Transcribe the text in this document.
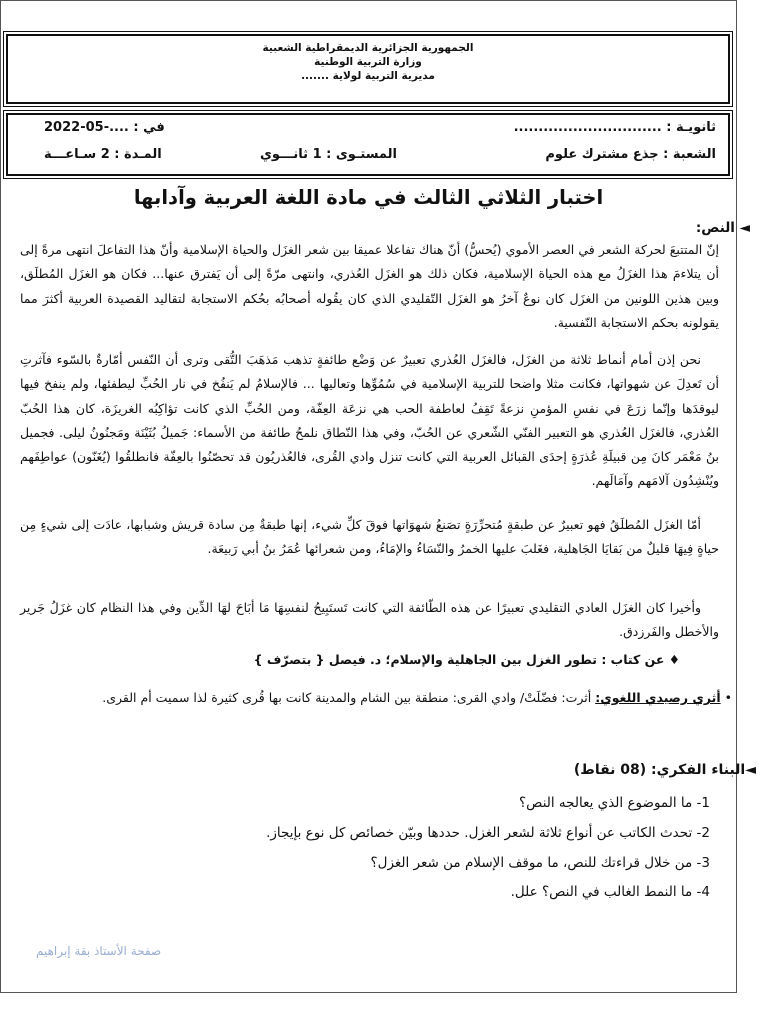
الجمهورية الجزائرية الديمقراطية الشعبية
وزارة التربية الوطنية
مديرية التربية لولاية .......
ثانويـة : ..............................
في : ....-05-2022
الشعبة : جذع مشترك علوم
المستـوى : 1 ثانـــوي
المـدة : 2 سـاعـــة
اختبار الثلاثي الثالث في مادة اللغة العربية وآدابها
◄ النص:

إنّ المتتبعَ لحركة الشعر في العصر الأموي (يُحسُّ) أنّ هناك تفاعلا عميقا بين شعر الغزَل والحياة الإسلامية وأنّ هذا التفاعلَ انتهى مرةً إلى أن يتلاءمَ هذا الغزَلُ مع هذه الحياة الإسلامية، فكان ذلك هو الغزَل العُذري، وانتهى مرّةً إلى أن يَفترق عنها... فكان هو الغزَل المُطلَق، وبين هذين اللونين من الغزَل كان نوعٌ آخرُ هو الغزَل التّقليدي الذي كان يقُوله أصحابُه بحُكم الاستجابة لتقاليد القصيدة العربية أكثرَ مما يقولونه بحكم الاستجابة النّفسية.

نحن إذن أمام أنماط ثلاثة من الغزَل، فالغزَل العُذري تعبيرٌ عن وَضْع طائفةٍ تذهب مَذهَبَ التُّقى وترى أن النّفس أمّارةٌ بالسّوء فآثرتِ أن تَعدِلَ عن شهواتها، فكانت مثلا واضحا للتربية الإسلامية في سُمُوِّها وتعاليها ... فالإسلامُ لم يَنفُخ في نار الحُبِّ ليطفئها، ولم ينفخ فيها ليوقدَها وإنّما زرَعَ في نفسِ المؤمنِ نزعةً تَقِفُ لعاطفة الحب هي نزعَة العِفّة، ومن الحُبِّ الذي كانت تؤاكِبُه الغريزَة، كان هذا الحُبّ العُذري، فالغزَل العُذري هو التعبير الفنّي الشّعري عن الحُبّ، وفي هذا النّطاق نلمحُ طائفة من الأسماء: جَميلُ بُثَيْنَة ومَجنُونُ ليلى. فجميل بنُ مَعْمَر كانَ مِن قبيلَةِ عُذرَةٍ إحدَى القبائل العربية التي كانت تنزل وادي القُرى، فالعُذريُون قد تحصّنُوا بالعِفّة فانطلقُوا (يُغَنّون) عواطِفَهم ويُنْشِدُون آلامَهم وآمَالَهم.

أمّا الغزَل المُطلَقُ فهو تعبيرٌ عن طبقةٍ مُتحرِّرَةٍ تصَنعُ شهوَاتها فوقَ كلِّ شيء، إنها طبقةٌ مِن سادة قريش وشبابها، عادَت إلى شيءٍ مِن حياةٍ فِيهَا قليلٌ من بَقايَا الجَاهلية، فغَلبَ عليها الخمرُ والنّسَاءُ والإمَاءُ، ومن شعرائها عُمَرُ بنُ أبي رَبيعَة.

وأخيرا كان الغزَل العادي التقليدي تعبيرًا عن هذه الطّائفة التي كانت تَستَبِيحُ لنفسِهَا مَا أبَاحَ لهَا الدِّين وفي هذا النظام كان غزَلُ جَرير والأخطل والفَرزدق.

♦ عن كتاب : تطور الغزل بين الجاهلية والإسلام؛ د. فيصل { بتصرّف }
• أثري رصيدي اللغوي: أثرت: فضّلَتْ/ وادي القرى: منطقة بين الشام والمدينة كانت بها قُرى كثيرة لذا سميت أم القرى.
◄البناء الفكري: (08 نقاط)
1- ما الموضوع الذي يعالجه النص؟
2- تحدث الكاتب عن أنواع ثلاثة لشعر الغزل. حددها وبيّن خصائص كل نوع بإيجاز.
3- من خلال قراءتك للنص، ما موقف الإسلام من شعر الغزل؟
4- ما النمط الغالب في النص؟ علل.
صفحة الأستاذ بقة إبراهيم
